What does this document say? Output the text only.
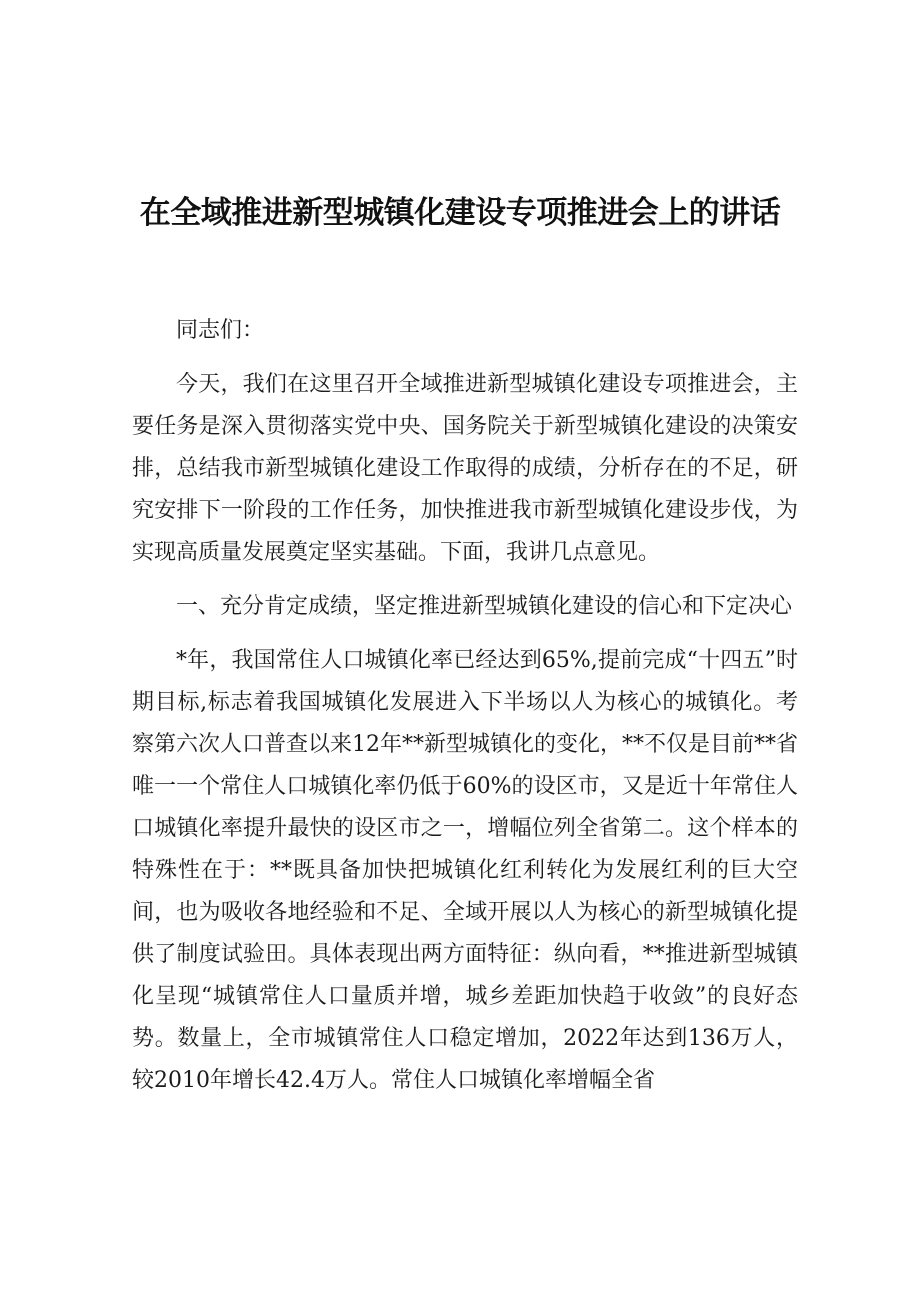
在全域推进新型城镇化建设专项推进会上的讲话

同志们：

今天，我们在这里召开全域推进新型城镇化建设专项推进会，主要任务是深入贯彻落实党中央、国务院关于新型城镇化建设的决策安排，总结我市新型城镇化建设工作取得的成绩，分析存在的不足，研究安排下一阶段的工作任务，加快推进我市新型城镇化建设步伐，为实现高质量发展奠定坚实基础。下面，我讲几点意见。

一、充分肯定成绩，坚定推进新型城镇化建设的信心和下定决心

*年，我国常住人口城镇化率已经达到65%,提前完成“十四五”时期目标,标志着我国城镇化发展进入下半场以人为核心的城镇化。考察第六次人口普查以来12年**新型城镇化的变化，**不仅是目前**省唯一一个常住人口城镇化率仍低于60%的设区市，又是近十年常住人口城镇化率提升最快的设区市之一，增幅位列全省第二。这个样本的特殊性在于：**既具备加快把城镇化红利转化为发展红利的巨大空间，也为吸收各地经验和不足、全域开展以人为核心的新型城镇化提供了制度试验田。具体表现出两方面特征：纵向看，**推进新型城镇化呈现“城镇常住人口量质并增，城乡差距加快趋于收敛”的良好态势。数量上，全市城镇常住人口稳定增加，2022年达到136万人，较2010年增长42.4万人。常住人口城镇化率增幅全省
